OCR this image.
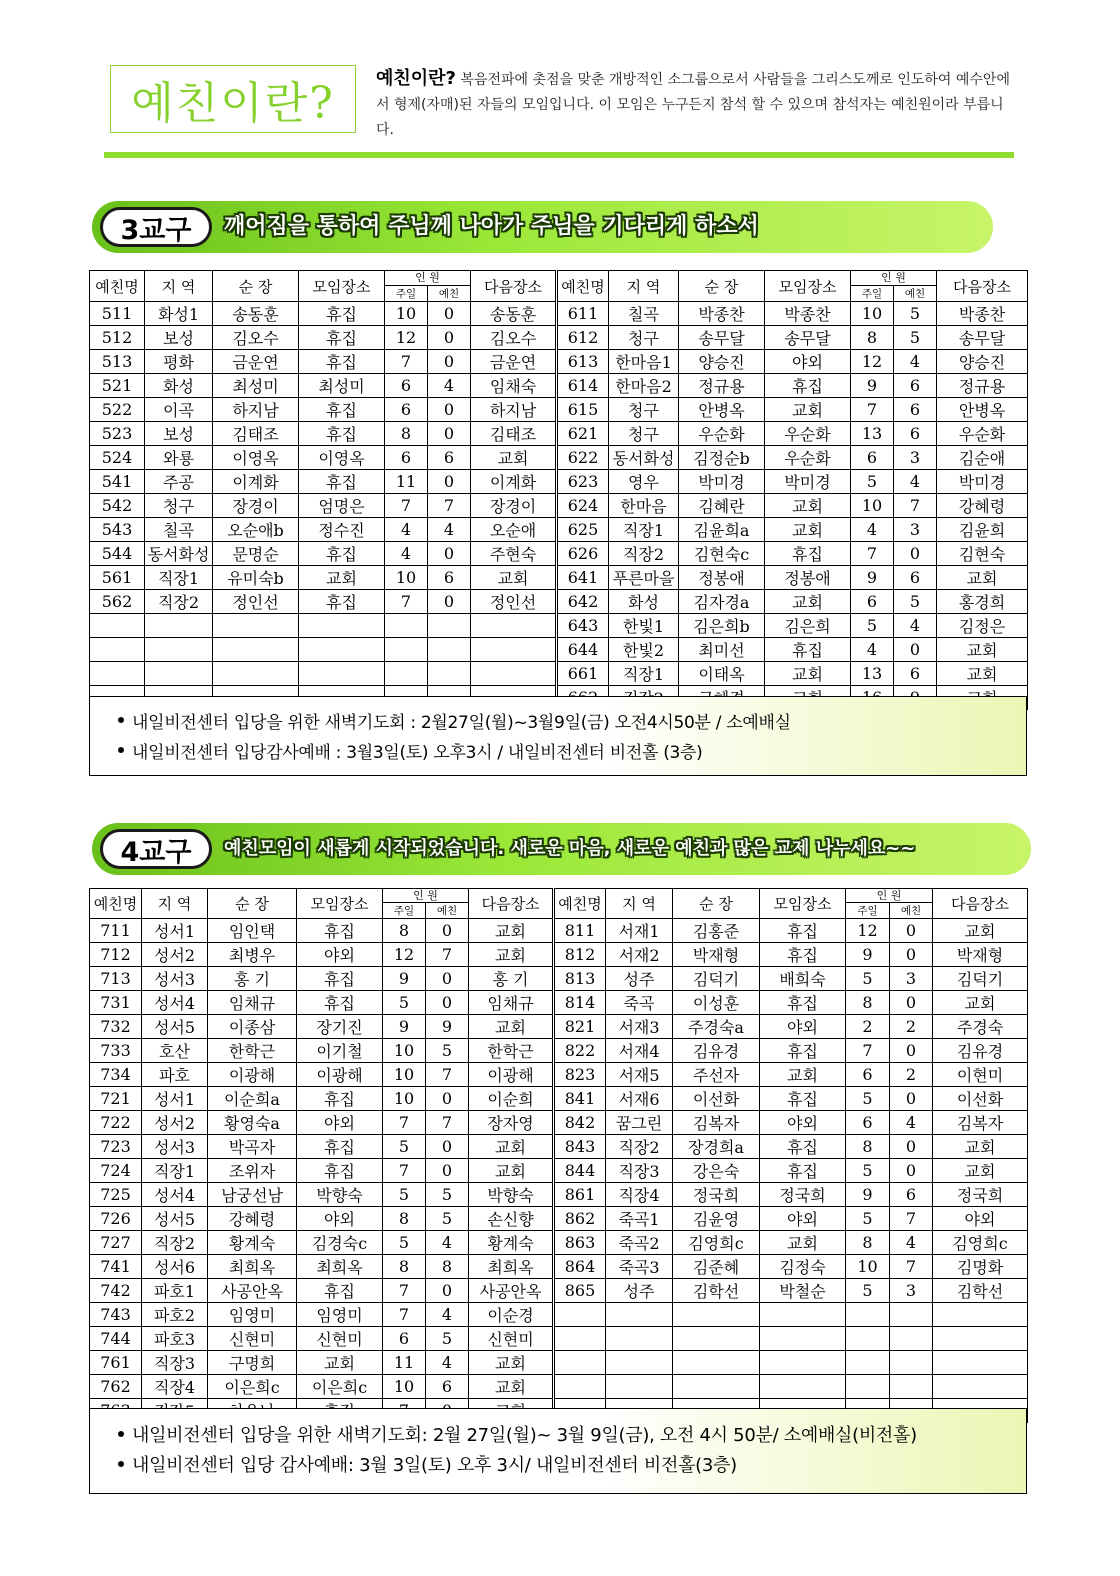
예친이란? 예친이란? 복음전파에 촛점을 맞춘 개방적인 소그룹으로서 사람들을 그리스도께로 인도하여 예수안에서 형제(자매)된 자들의 모임입니다. 이 모임은 누구든지 참석 할 수 있으며 참석자는 예친원이라 부릅니다.
3교구	깨어짐을 통하여 주님께 나아가 주님을 기다리게 하소서
예친명	지 역	순 장	모임장소	인 원		다음장소	예친명	지 역	순 장	모임장소	인 원		다음장소
				주일	예친						주일	예친	
511	화성1	송동훈	휴집	10	0	송동훈	611	칠곡	박종찬	박종찬	10	5	박종찬
512	보성	김오수	휴집	12	0	김오수	612	청구	송무달	송무달	8	5	송무달
513	평화	금운연	휴집	7	0	금운연	613	한마음1	양승진	야외	12	4	양승진
521	화성	최성미	최성미	6	4	임채숙	614	한마음2	정규용	휴집	9	6	정규용
522	이곡	하지남	휴집	6	0	하지남	615	청구	안병옥	교회	7	6	안병옥
523	보성	김태조	휴집	8	0	김태조	621	청구	우순화	우순화	13	6	우순화
524	와룡	이영옥	이영옥	6	6	교회	622	동서화성	김정순b	우순화	6	3	김순애
541	주공	이계화	휴집	11	0	이계화	623	영우	박미경	박미경	5	4	박미경
542	청구	장경이	엄명은	7	7	장경이	624	한마음	김혜란	교회	10	7	강혜령
543	칠곡	오순애b	정수진	4	4	오순애	625	직장1	김윤희a	교회	4	3	김윤희
544	동서화성	문명순	휴집	4	0	주현숙	626	직장2	김현숙c	휴집	7	0	김현숙
561	직장1	유미숙b	교회	10	6	교회	641	푸른마을	정봉애	정봉애	9	6	교회
562	직장2	정인선	휴집	7	0	정인선	642	화성	김자경a	교회	6	5	홍경희
							643	한빛1	김은희b	김은희	5	4	김정은
							644	한빛2	최미선	휴집	4	0	교회
							661	직장1	이태옥	교회	13	6	교회

내일비전센터 입당을 위한 새벽기도회 : 2월27일(월)~3월9일(금) 오전4시50분 / 소예배실
내일비전센터 입당감사예배 : 3월3일(토) 오후3시 / 내일비전센터 비전홀 (3층)
4교구	예친모임이 새롭게 시작되었습니다. 새로운 마음, 새로운 예친과 많은 교제 나누세요~~
예친명	지 역	순 장	모임장소	인 원		다음장소	예친명	지 역	순 장	모임장소	인 원		다음장소
				주일	예친						주일	예친	
711	성서1	임인택	휴집	8	0	교회	811	서재1	김홍준	휴집	12	0	교회
712	성서2	최병우	야외	12	7	교회	812	서재2	박재형	휴집	9	0	박재형
713	성서3	홍 기	휴집	9	0	홍 기	813	성주	김덕기	배희숙	5	3	김덕기
731	성서4	임채규	휴집	5	0	임채규	814	죽곡	이성훈	휴집	8	0	교회
732	성서5	이종삼	장기진	9	9	교회	821	서재3	주경숙a	야외	2	2	주경숙
733	호산	한학근	이기철	10	5	한학근	822	서재4	김유경	휴집	7	0	김유경
734	파호	이광해	이광해	10	7	이광해	823	서재5	주선자	교회	6	2	이현미
721	성서1	이순희a	휴집	10	0	이순희	841	서재6	이선화	휴집	5	0	이선화
722	성서2	황영숙a	야외	7	7	장자영	842	꿈그린	김복자	야외	6	4	김복자
723	성서3	박곡자	휴집	5	0	교회	843	직장2	장경희a	휴집	8	0	교회
724	직장1	조위자	휴집	7	0	교회	844	직장3	강은숙	휴집	5	0	교회
725	성서4	남궁선남	박향숙	5	5	박향숙	861	직장4	정국희	정국희	9	6	정국희
726	성서5	강혜령	야외	8	5	손신향	862	죽곡1	김윤영	야외	5	7	야외
727	직장2	황계숙	김경숙c	5	4	황계숙	863	죽곡2	김영희c	교회	8	4	김영희c
741	성서6	최희옥	최희옥	8	8	최희옥	864	죽곡3	김준혜	김정숙	10	7	김명화
742	파호1	사공안옥	휴집	7	0	사공안옥	865	성주	김학선	박철순	5	3	김학선
743	파호2	임영미	임영미	7	4	이순경							
744	파호3	신현미	신현미	6	5	신현미							
761	직장3	구명희	교회	11	4	교회							
762	직장4	이은희c	이은희c	10	6	교회							

내일비전센터 입당을 위한 새벽기도회: 2월 27일(월)~ 3월 9일(금), 오전 4시 50분/ 소예배실(비전홀)
내일비전센터 입당 감사예배: 3월 3일(토) 오후 3시/ 내일비전센터 비전홀(3층)
